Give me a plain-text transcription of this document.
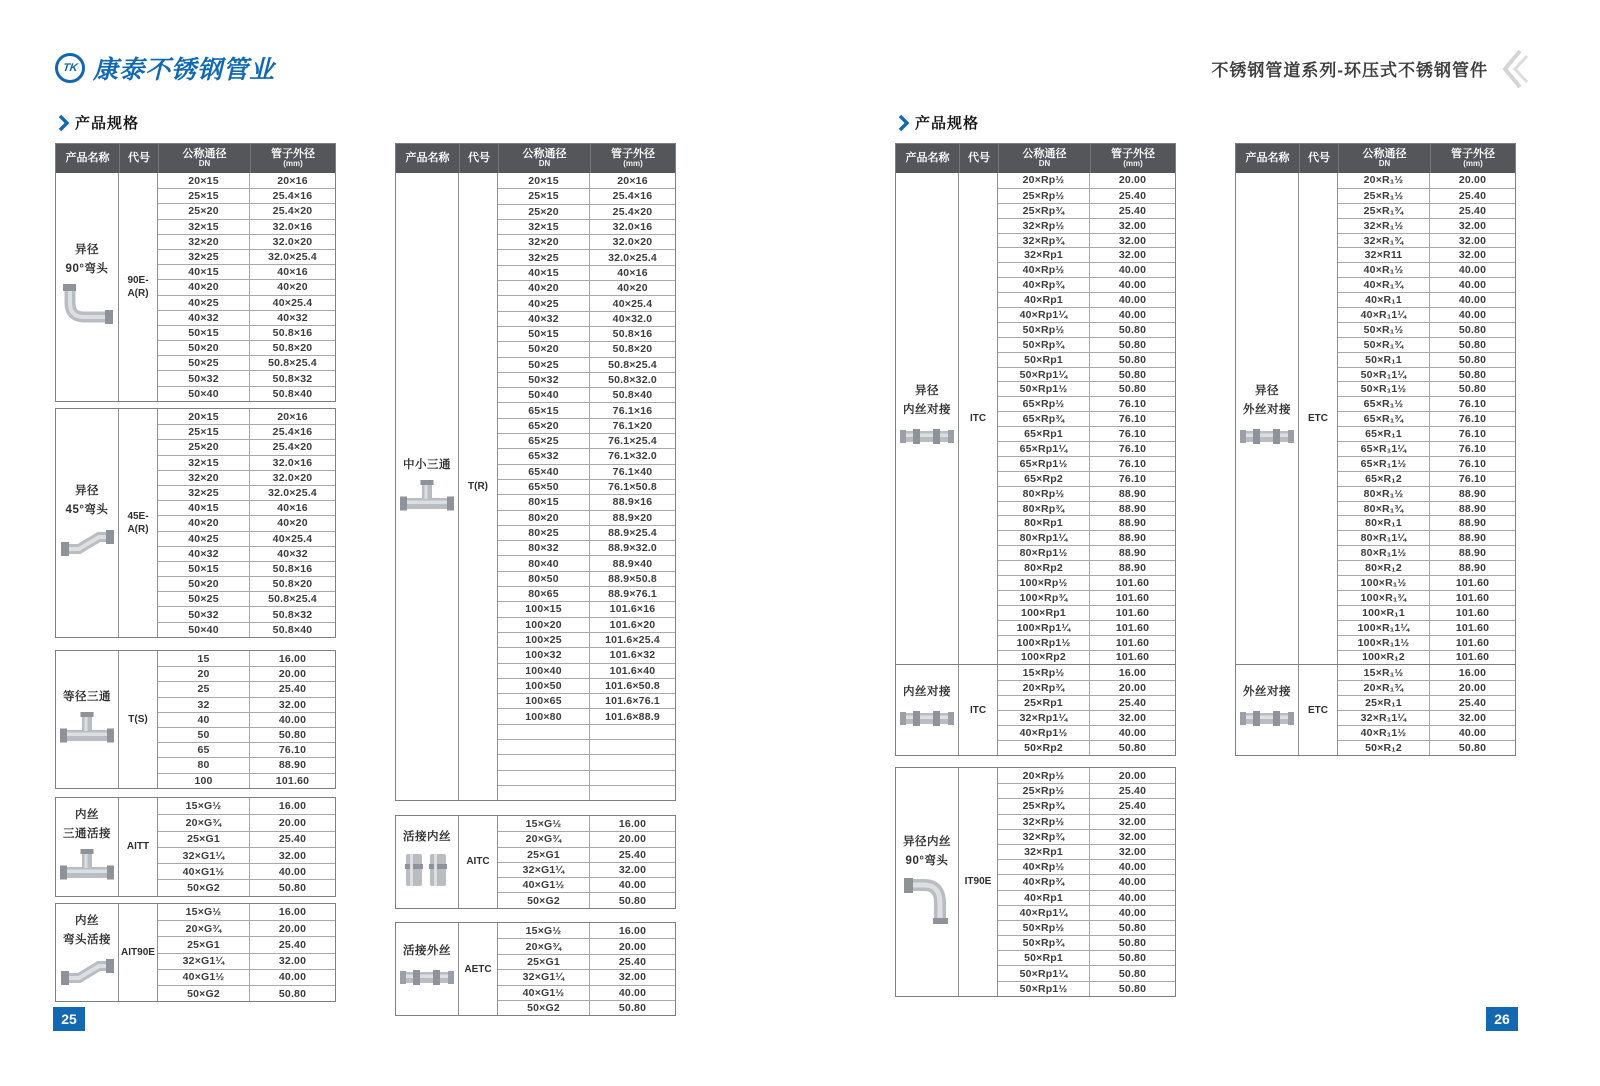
TK 康泰不锈钢管业	不锈钢管道系列-环压式不锈钢管件
产品规格	产品规格
产品名称 代号	公称通径
DN
管子外径
(mm)
异径
90°弯头
90E-A(R)
20×15	20×16
25×15	25.4×16
25×20	25.4×20
32×15	32.0×16
32×20	32.0×20
32×25	32.0×25.4
40×15	40×16
40×20	40×20
40×25	40×25.4
40×32	40×32
50×15	50.8×16
50×20	50.8×20
50×25	50.8×25.4
50×32	50.8×32
50×40	50.8×40
异径
45°弯头	45E-A(R)
20×15	20×16
25×15	25.4×16
25×20	25.4×20
32×15	32.0×16
32×20	32.0×20
32×25	32.0×25.4
40×15	40×16
40×20	40×20
40×25	40×25.4
40×32	40×32
50×15	50.8×16
50×20	50.8×20
50×25	50.8×25.4
50×32	50.8×32
50×40	50.8×40
等径三通
T(S)
15	16.00
20	20.00
25	25.40
32	32.00
40	40.00
50	50.80
65	76.10
80	88.90
100	101.60
内丝
三通活接
AITT
15×G½	16.00
20×G¾	20.00
25×G1	25.40
32×G1¼	32.00
40×G1½	40.00
50×G2	50.80
内丝
弯头活接
AIT90E
15×G½	16.00
20×G¾	20.00
25×G1	25.40
32×G1¼	32.00
40×G1½	40.00
50×G2	50.80
产品名称 代号	公称通径
DN
管子外径
(mm)
中小三通
T(R)
20×15	20×16
25×15	25.4×16
25×20	25.4×20
32×15	32.0×16
32×20	32.0×20
32×25	32.0×25.4
40×15	40×16
40×20	40×20
40×25	40×25.4
40×32	40×32.0
50×15	50.8×16
50×20	50.8×20
50×25	50.8×25.4
50×32	50.8×32.0
50×40	50.8×40
65×15	76.1×16
65×20	76.1×20
65×25	76.1×25.4
65×32	76.1×32.0
65×40	76.1×40
65×50	76.1×50.8
80×15	88.9×16
80×20	88.9×20
80×25	88.9×25.4
80×32	88.9×32.0
80×40	88.9×40
80×50	88.9×50.8
80×65	88.9×76.1
100×15	101.6×16
100×20	101.6×20
100×25	101.6×25.4
100×32	101.6×32
100×40	101.6×40
100×50	101.6×50.8
100×65	101.6×76.1
100×80	101.6×88.9
活接内丝
AITC
15×G½	16.00
20×G¾	20.00
25×G1	25.40
32×G1¼	32.00
40×G1½	40.00
50×G2	50.80
活接外丝
AETC
15×G½	16.00
20×G¾	20.00
25×G1	25.40
32×G1¼	32.00
40×G1½	40.00
50×G2	50.80
产品名称 代号	公称通径
DN
管子外径
(mm)
异径
内丝对接
ITC
20×Rp½	20.00
25×Rp½	25.40
25×Rp¾	25.40
32×Rp½	32.00
32×Rp¾	32.00
32×Rp1	32.00
40×Rp½	40.00
40×Rp¾	40.00
40×Rp1	40.00
40×Rp1¼	40.00
50×Rp½	50.80
50×Rp¾	50.80
50×Rp1	50.80
50×Rp1¼	50.80
50×Rp1½	50.80
65×Rp½	76.10
65×Rp¾	76.10
65×Rp1	76.10
65×Rp1¼	76.10
65×Rp1½	76.10
65×Rp2	76.10
80×Rp½	88.90
80×Rp¾	88.90
80×Rp1	88.90
80×Rp1¼	88.90
80×Rp1½	88.90
80×Rp2	88.90
100×Rp½	101.60
100×Rp¾	101.60
100×Rp1	101.60
100×Rp1¼	101.60
100×Rp1½	101.60
100×Rp2	101.60
内丝对接
ITC
15×Rp½	16.00
20×Rp¾	20.00
25×Rp1	25.40
32×Rp1¼	32.00
40×Rp1½	40.00
50×Rp2	50.80
异径内丝
90°弯头
IT90E
20×Rp½	20.00
25×Rp½	25.40
25×Rp¾	25.40
32×Rp½	32.00
32×Rp¾	32.00
32×Rp1	32.00
40×Rp½	40.00
40×Rp¾	40.00
40×Rp1	40.00
40×Rp1¼	40.00
50×Rp½	50.80
50×Rp¾	50.80
50×Rp1	50.80
50×Rp1¼	50.80
50×Rp1½	50.80
产品名称 代号	公称通径
DN
管子外径
(mm)
异径
外丝对接
ETC
20×R₁½	20.00
25×R₁½	25.40
25×R₁¾	25.40
32×R₁½	32.00
32×R₁¾	32.00
32×R11	32.00
40×R₁½	40.00
40×R₁¾	40.00
40×R₁1	40.00
40×R₁1¼	40.00
50×R₁½	50.80
50×R₁¾	50.80
50×R₁1	50.80
50×R₁1¼	50.80
50×R₁1½	50.80
65×R₁½	76.10
65×R₁¾	76.10
65×R₁1	76.10
65×R₁1¼	76.10
65×R₁1½	76.10
65×R₁2	76.10
80×R₁½	88.90
80×R₁¾	88.90
80×R₁1	88.90
80×R₁1¼	88.90
80×R₁1½	88.90
80×R₁2	88.90
100×R₁½	101.60
100×R₁¾	101.60
100×R₁1	101.60
100×R₁1¼	101.60
100×R₁1½	101.60
100×R₁2	101.60
外丝对接
ETC
15×R₁½	16.00
20×R₁¾	20.00
25×R₁1	25.40
32×R₁1¼	32.00
40×R₁1½	40.00
50×R₁2	50.80
25	26
